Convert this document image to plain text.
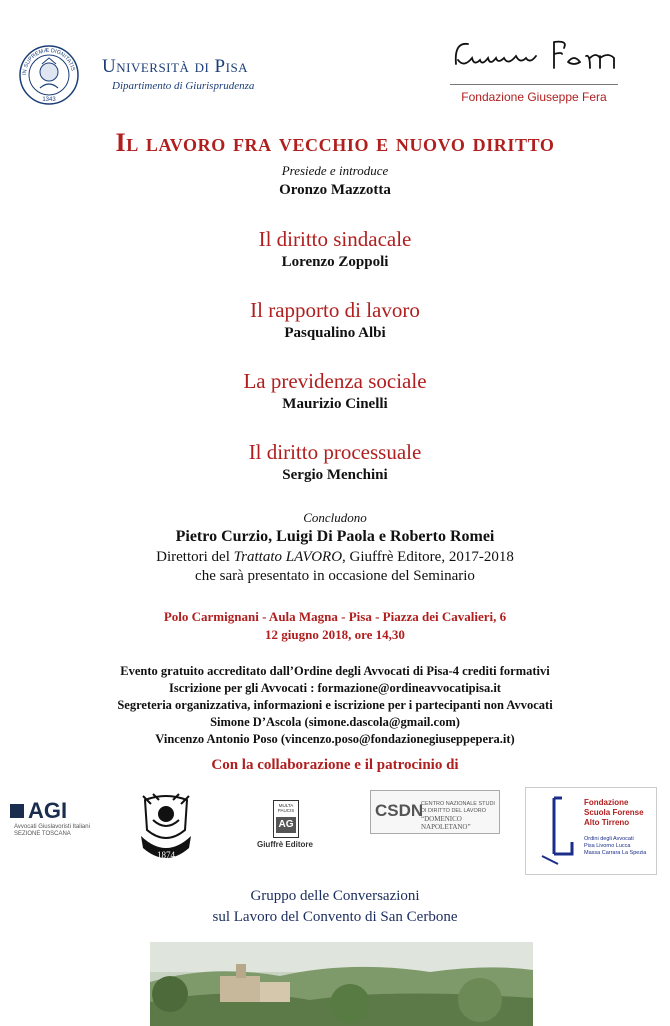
IN SUPREMÆ DIGNITATIS
1343
Università di Pisa
Dipartimento di Giurisprudenza
Fondazione Giuseppe Fera
Il lavoro fra vecchio e nuovo diritto
Presiede e introduce
Oronzo Mazzotta
Il diritto sindacale
Lorenzo Zoppoli
Il rapporto di lavoro
Pasqualino Albi
La previdenza sociale
Maurizio Cinelli
Il diritto processuale
Sergio Menchini
Concludono
Pietro Curzio, Luigi Di Paola e Roberto Romei
Direttori del Trattato LAVORO, Giuffrè Editore, 2017-2018
che sarà presentato in occasione del Seminario
Polo Carmignani - Aula Magna - Pisa - Piazza dei Cavalieri, 6
12 giugno 2018, ore 14,30
Evento gratuito accreditato dall’Ordine degli Avvocati di Pisa-4 crediti formativi
Iscrizione per gli Avvocati : formazione@ordineavvocatipisa.it
Segreteria organizzativa, informazioni e iscrizione per i partecipanti non Avvocati
Simone D’Ascola (simone.dascola@gmail.com)
Vincenzo Antonio Poso (vincenzo.poso@fondazionegiuseppepera.it)
Con la collaborazione e il patrocinio di
AGI
Avvocati Giuslavoristi Italiani
SEZIONE TOSCANA
1874
MULTA PAUCIS
AG
Giuffrè Editore
CSDN
CENTRO NAZIONALE STUDI DI DIRITTO DEL LAVORO
“DOMENICO NAPOLETANO”
Fondazione
Scuola Forense
Alto Tirreno
Ordini degli Avvocati
Pisa Livorno Lucca
Massa Carrara La Spezia
Gruppo delle Conversazioni
sul Lavoro del Convento di San Cerbone
